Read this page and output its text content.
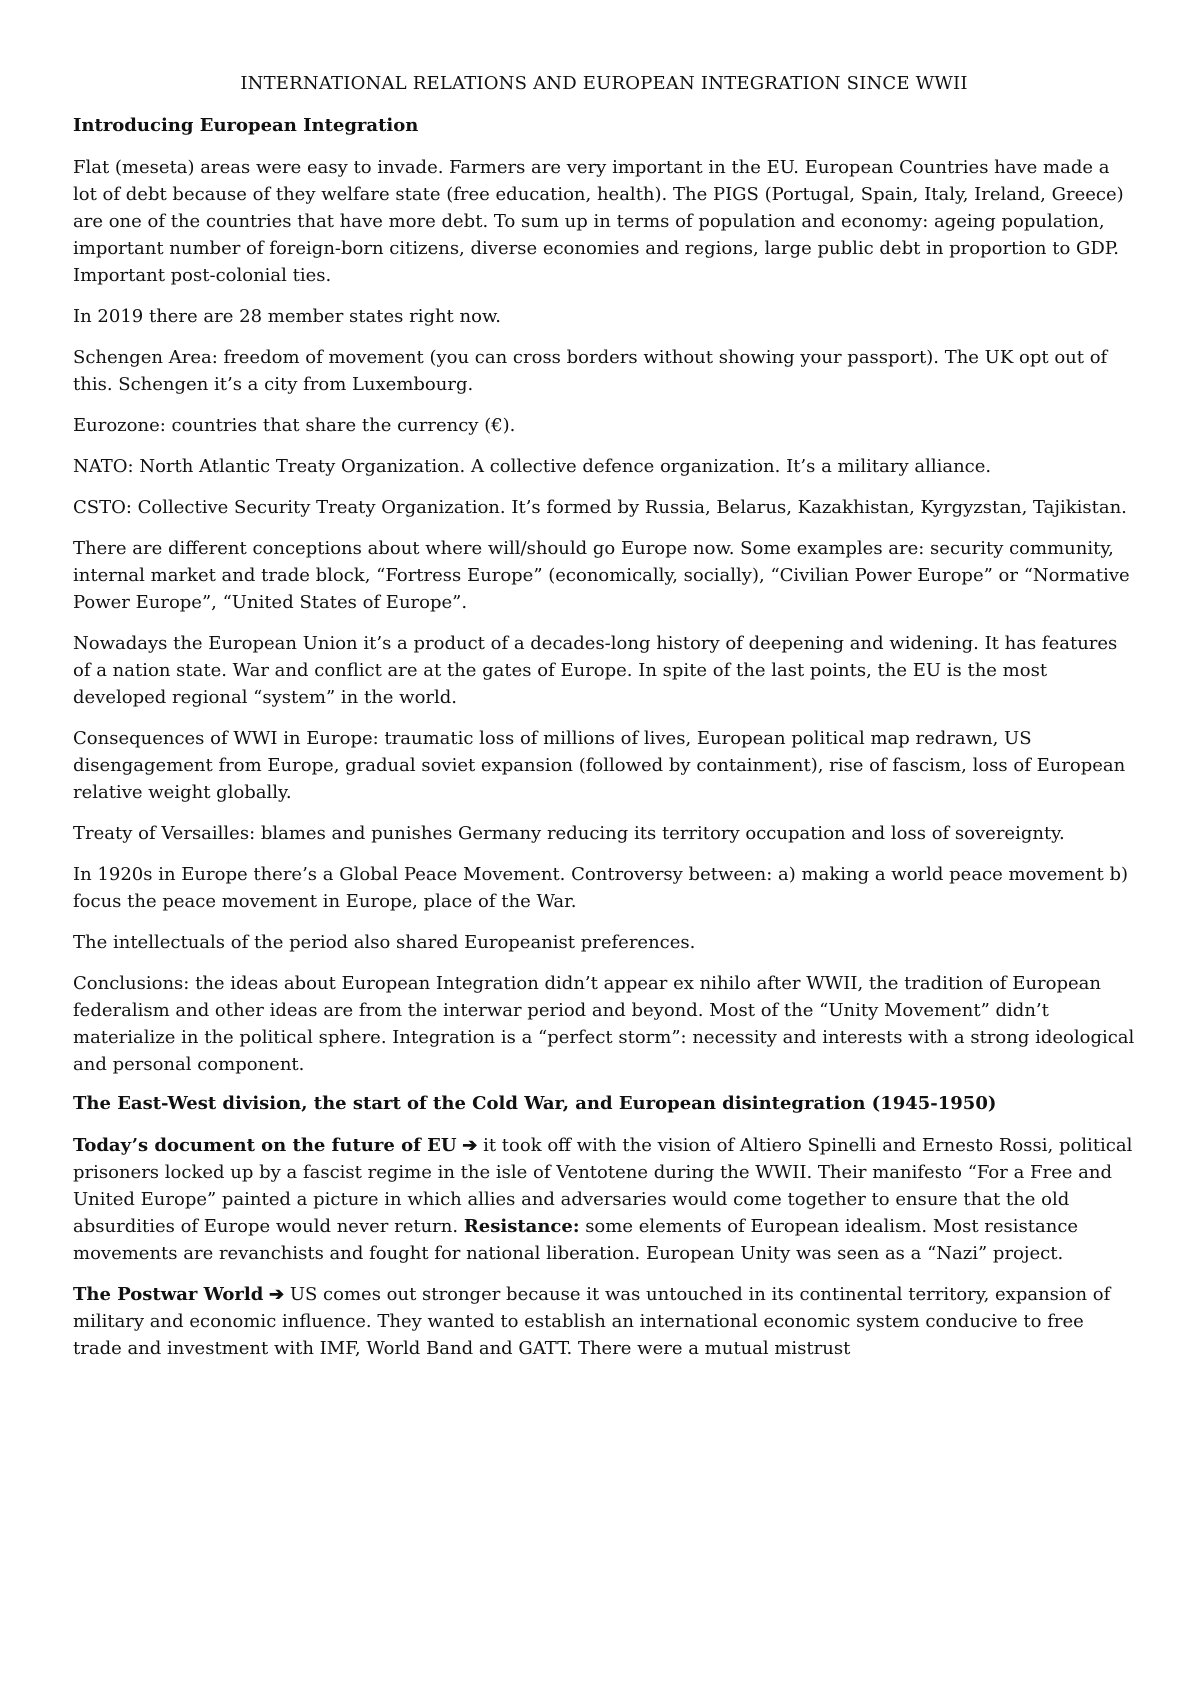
INTERNATIONAL RELATIONS AND EUROPEAN INTEGRATION SINCE WWII
Introducing European Integration

Flat (meseta) areas were easy to invade. Farmers are very important in the EU. European Countries have made a lot of debt because of they welfare state (free education, health). The PIGS (Portugal, Spain, Italy, Ireland, Greece) are one of the countries that have more debt. To sum up in terms of population and economy: ageing population, important number of foreign-born citizens, diverse economies and regions, large public debt in proportion to GDP. Important post-colonial ties.

In 2019 there are 28 member states right now.

Schengen Area: freedom of movement (you can cross borders without showing your passport). The UK opt out of this. Schengen it’s a city from Luxembourg.

Eurozone: countries that share the currency (€).

NATO: North Atlantic Treaty Organization. A collective defence organization. It’s a military alliance.

CSTO: Collective Security Treaty Organization. It’s formed by Russia, Belarus, Kazakhistan, Kyrgyzstan, Tajikistan.

There are different conceptions about where will/should go Europe now. Some examples are: security community, internal market and trade block, “Fortress Europe” (economically, socially), “Civilian Power Europe” or “Normative Power Europe”, “United States of Europe”.

Nowadays the European Union it’s a product of a decades-long history of deepening and widening. It has features of a nation state. War and conflict are at the gates of Europe. In spite of the last points, the EU is the most developed regional “system” in the world.

Consequences of WWI in Europe: traumatic loss of millions of lives, European political map redrawn, US disengagement from Europe, gradual soviet expansion (followed by containment), rise of fascism, loss of European relative weight globally.

Treaty of Versailles: blames and punishes Germany reducing its territory occupation and loss of sovereignty.

In 1920s in Europe there’s a Global Peace Movement. Controversy between: a) making a world peace movement b) focus the peace movement in Europe, place of the War.

The intellectuals of the period also shared Europeanist preferences.

Conclusions: the ideas about European Integration didn’t appear ex nihilo after WWII, the tradition of European federalism and other ideas are from the interwar period and beyond. Most of the “Unity Movement” didn’t materialize in the political sphere. Integration is a “perfect storm”: necessity and interests with a strong ideological and personal component.

The East-West division, the start of the Cold War, and European disintegration (1945-1950)

Today’s document on the future of EU ➔ it took off with the vision of Altiero Spinelli and Ernesto Rossi, political prisoners locked up by a fascist regime in the isle of Ventotene during the WWII. Their manifesto “For a Free and United Europe” painted a picture in which allies and adversaries would come together to ensure that the old absurdities of Europe would never return. Resistance: some elements of European idealism. Most resistance movements are revanchists and fought for national liberation. European Unity was seen as a “Nazi” project.

The Postwar World ➔ US comes out stronger because it was untouched in its continental territory, expansion of military and economic influence. They wanted to establish an international economic system conducive to free trade and investment with IMF, World Band and GATT. There were a mutual mistrust
